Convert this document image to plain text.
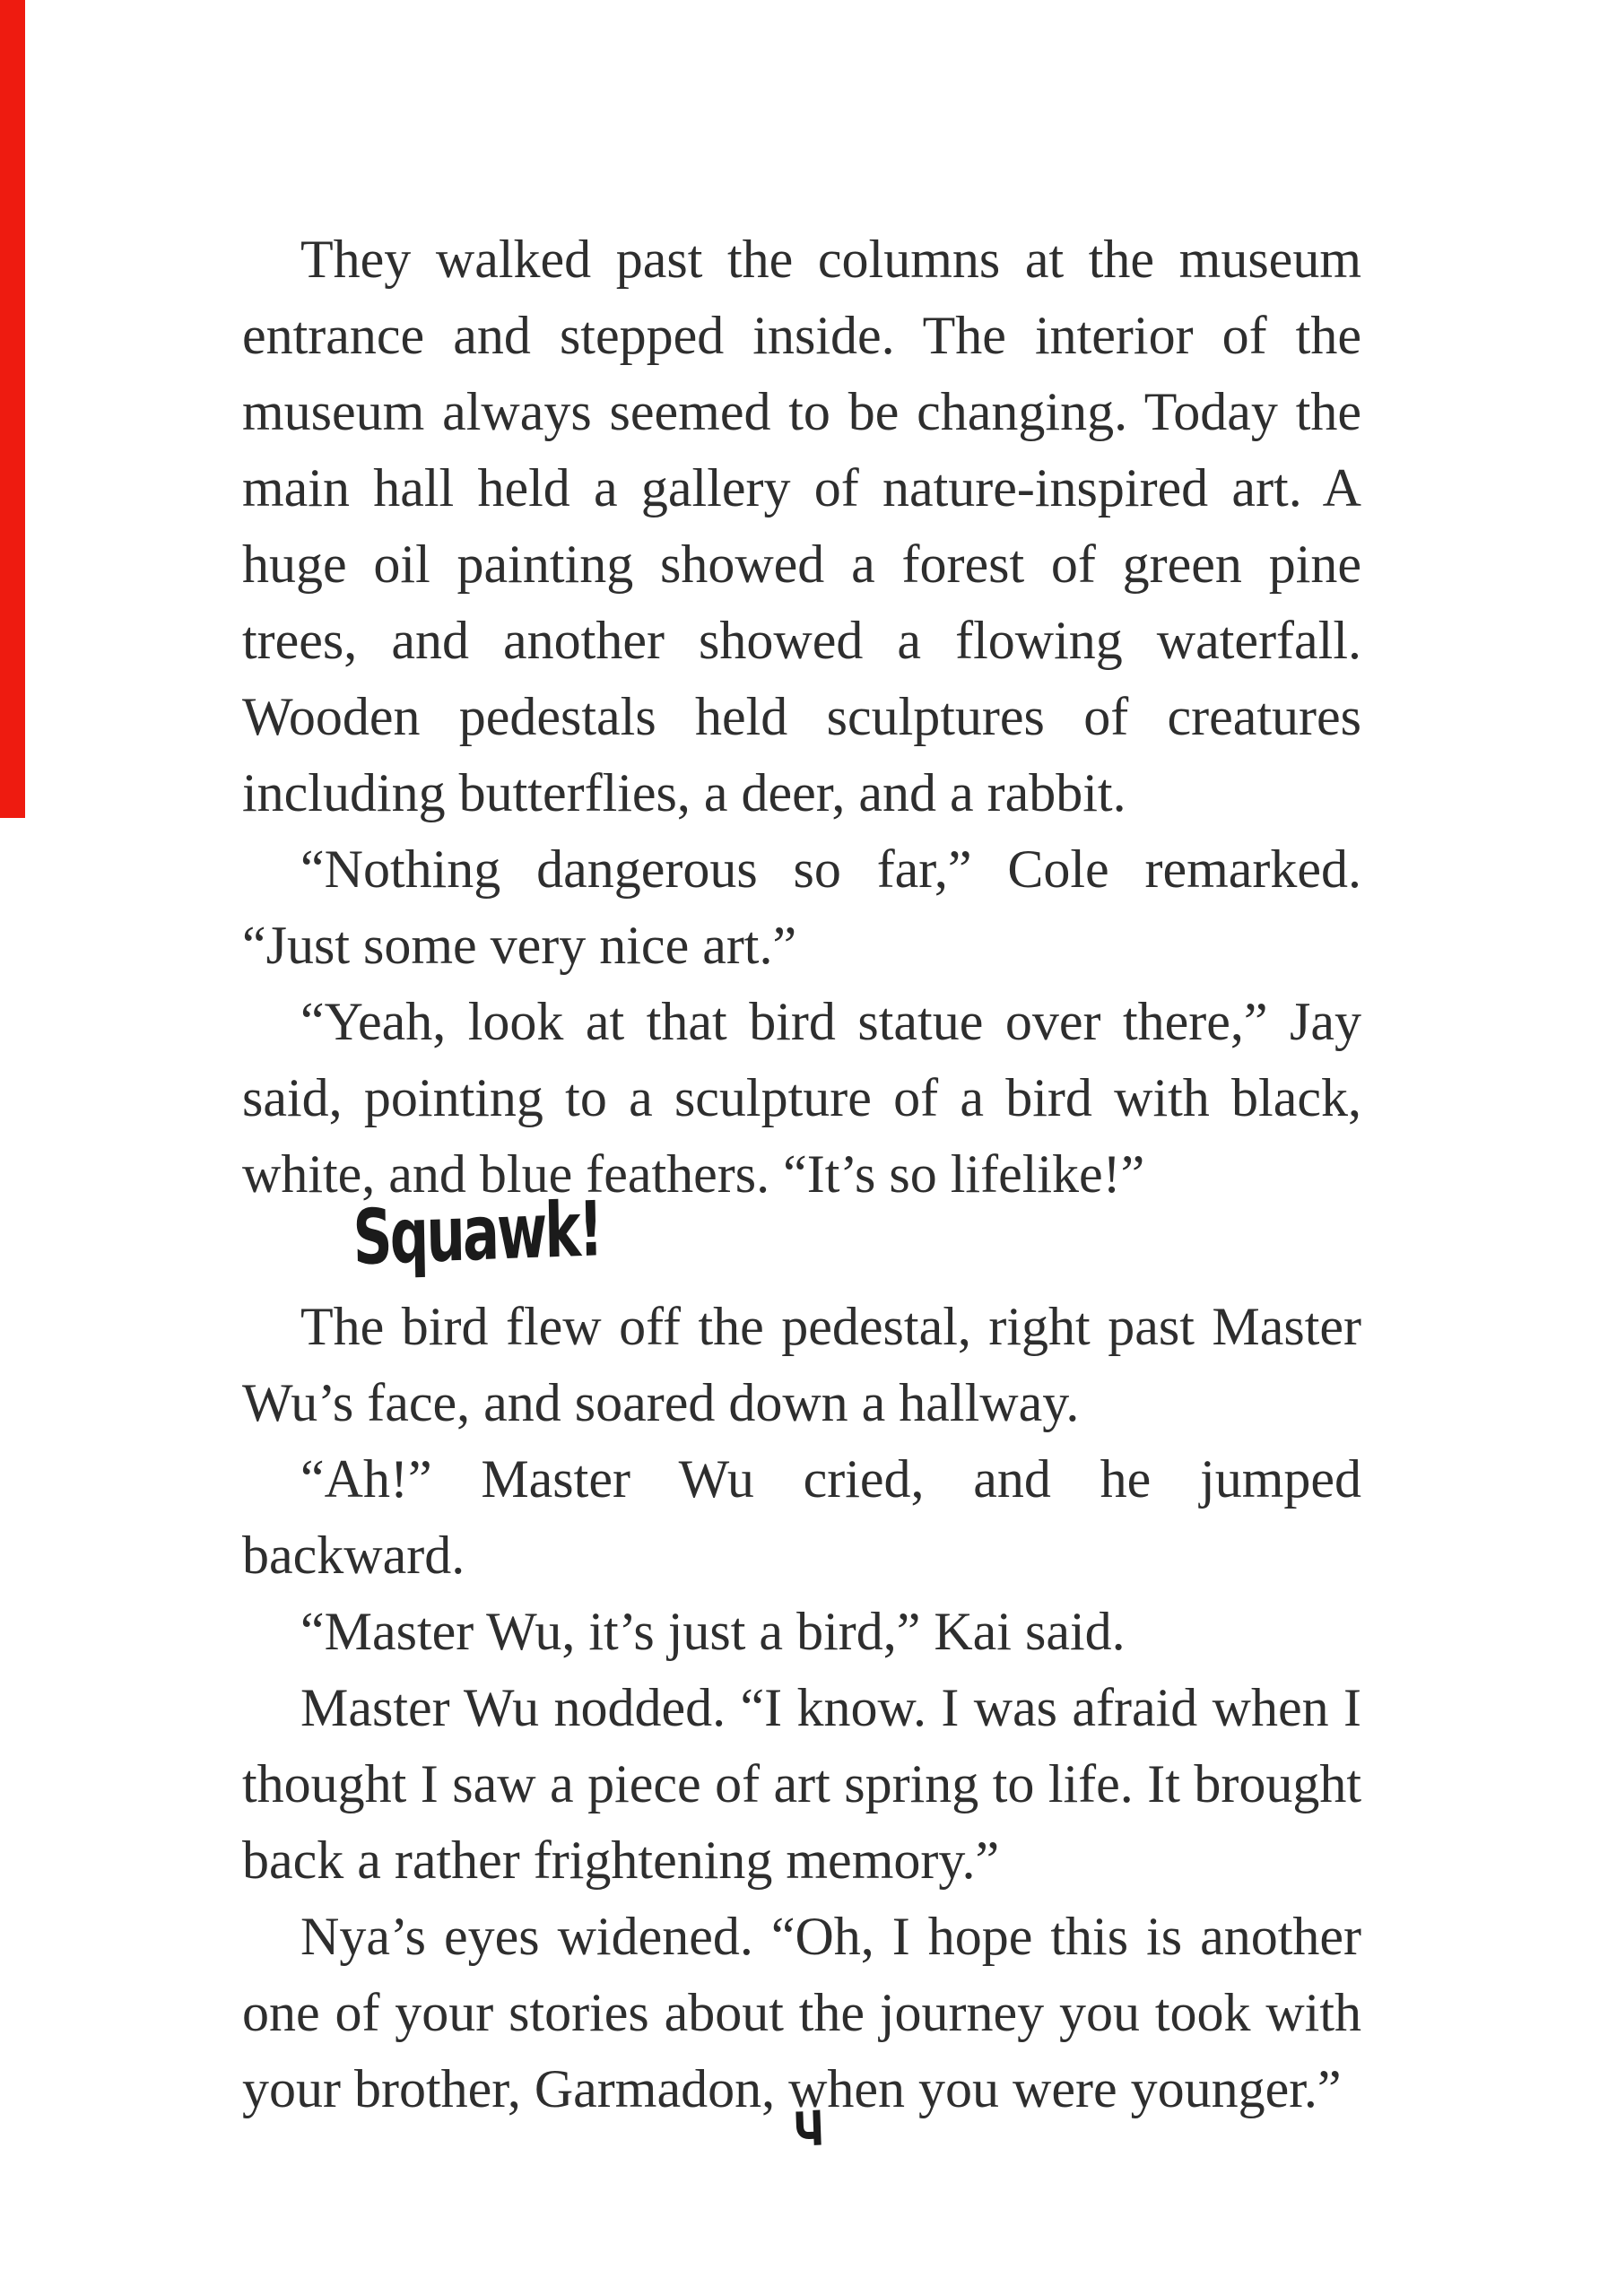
They walked past the columns at the museum entrance and stepped inside. The interior of the museum always seemed to be changing. Today the main hall held a gallery of nature-inspired art. A huge oil painting showed a forest of green pine trees, and another showed a flowing waterfall. Wooden pedestals held sculptures of creatures including butterflies, a deer, and a rabbit.

“Nothing dangerous so far,” Cole remarked. “Just some very nice art.”

“Yeah, look at that bird statue over there,” Jay said, pointing to a sculpture of a bird with black, white, and blue feathers. “It’s so lifelike!”

Squawk!

The bird flew off the pedestal, right past Master Wu’s face, and soared down a hallway.

“Ah!” Master Wu cried, and he jumped backward.

“Master Wu, it’s just a bird,” Kai said.

Master Wu nodded. “I know. I was afraid when I thought I saw a piece of art spring to life. It brought back a rather frightening memory.”

Nya’s eyes widened. “Oh, I hope this is another one of your stories about the journey you took with your brother, Garmadon, when you were younger.”
